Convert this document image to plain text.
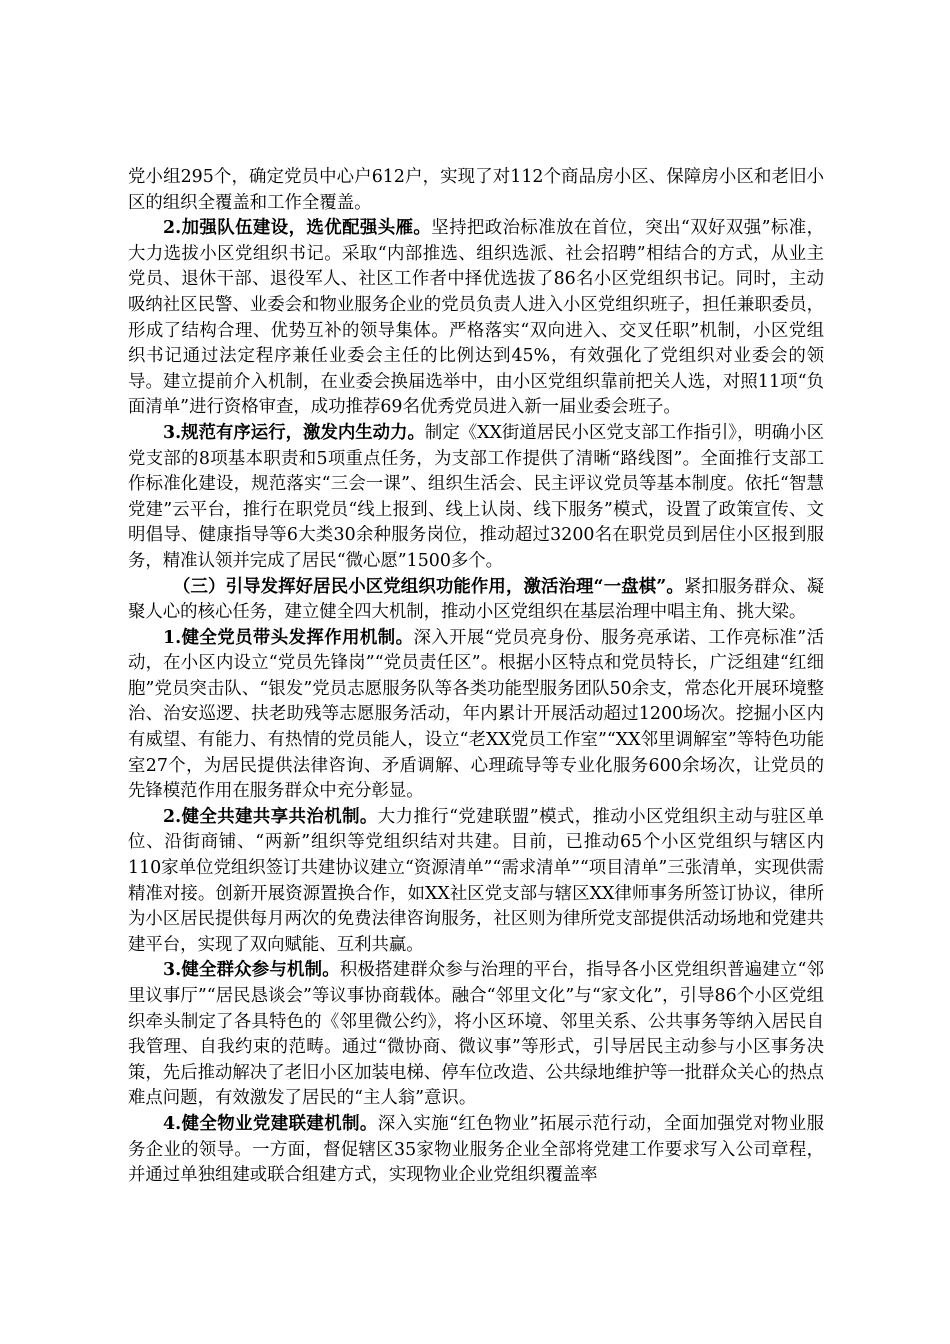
党小组295个，确定党员中心户612户，实现了对112个商品房小区、保障房小区和老旧小区的组织全覆盖和工作全覆盖。

2.加强队伍建设，选优配强头雁。坚持把政治标准放在首位，突出“双好双强”标准，大力选拔小区党组织书记。采取“内部推选、组织选派、社会招聘”相结合的方式，从业主党员、退休干部、退役军人、社区工作者中择优选拔了86名小区党组织书记。同时，主动吸纳社区民警、业委会和物业服务企业的党员负责人进入小区党组织班子，担任兼职委员，形成了结构合理、优势互补的领导集体。严格落实“双向进入、交叉任职”机制，小区党组织书记通过法定程序兼任业委会主任的比例达到45%，有效强化了党组织对业委会的领导。建立提前介入机制，在业委会换届选举中，由小区党组织靠前把关人选，对照11项“负面清单”进行资格审查，成功推荐69名优秀党员进入新一届业委会班子。

3.规范有序运行，激发内生动力。制定《XX街道居民小区党支部工作指引》，明确小区党支部的8项基本职责和5项重点任务，为支部工作提供了清晰“路线图”。全面推行支部工作标准化建设，规范落实“三会一课”、组织生活会、民主评议党员等基本制度。依托“智慧党建”云平台，推行在职党员“线上报到、线上认岗、线下服务”模式，设置了政策宣传、文明倡导、健康指导等6大类30余种服务岗位，推动超过3200名在职党员到居住小区报到服务，精准认领并完成了居民“微心愿”1500多个。

（三）引导发挥好居民小区党组织功能作用，激活治理“一盘棋”。紧扣服务群众、凝聚人心的核心任务，建立健全四大机制，推动小区党组织在基层治理中唱主角、挑大梁。

1.健全党员带头发挥作用机制。深入开展“党员亮身份、服务亮承诺、工作亮标准”活动，在小区内设立“党员先锋岗”“党员责任区”。根据小区特点和党员特长，广泛组建“红细胞”党员突击队、“银发”党员志愿服务队等各类功能型服务团队50余支，常态化开展环境整治、治安巡逻、扶老助残等志愿服务活动，年内累计开展活动超过1200场次。挖掘小区内有威望、有能力、有热情的党员能人，设立“老XX党员工作室”“XX邻里调解室”等特色功能室27个，为居民提供法律咨询、矛盾调解、心理疏导等专业化服务600余场次，让党员的先锋模范作用在服务群众中充分彰显。

2.健全共建共享共治机制。大力推行“党建联盟”模式，推动小区党组织主动与驻区单位、沿街商铺、“两新”组织等党组织结对共建。目前，已推动65个小区党组织与辖区内110家单位党组织签订共建协议建立“资源清单”“需求清单”“项目清单”三张清单，实现供需精准对接。创新开展资源置换合作，如XX社区党支部与辖区XX律师事务所签订协议，律所为小区居民提供每月两次的免费法律咨询服务，社区则为律所党支部提供活动场地和党建共建平台，实现了双向赋能、互利共赢。

3.健全群众参与机制。积极搭建群众参与治理的平台，指导各小区党组织普遍建立“邻里议事厅”“居民恳谈会”等议事协商载体。融合“邻里文化”与“家文化”，引导86个小区党组织牵头制定了各具特色的《邻里微公约》，将小区环境、邻里关系、公共事务等纳入居民自我管理、自我约束的范畴。通过“微协商、微议事”等形式，引导居民主动参与小区事务决策，先后推动解决了老旧小区加装电梯、停车位改造、公共绿地维护等一批群众关心的热点难点问题，有效激发了居民的“主人翁”意识。

4.健全物业党建联建机制。深入实施“红色物业”拓展示范行动，全面加强党对物业服务企业的领导。一方面，督促辖区35家物业服务企业全部将党建工作要求写入公司章程，并通过单独组建或联合组建方式，实现物业企业党组织覆盖率
